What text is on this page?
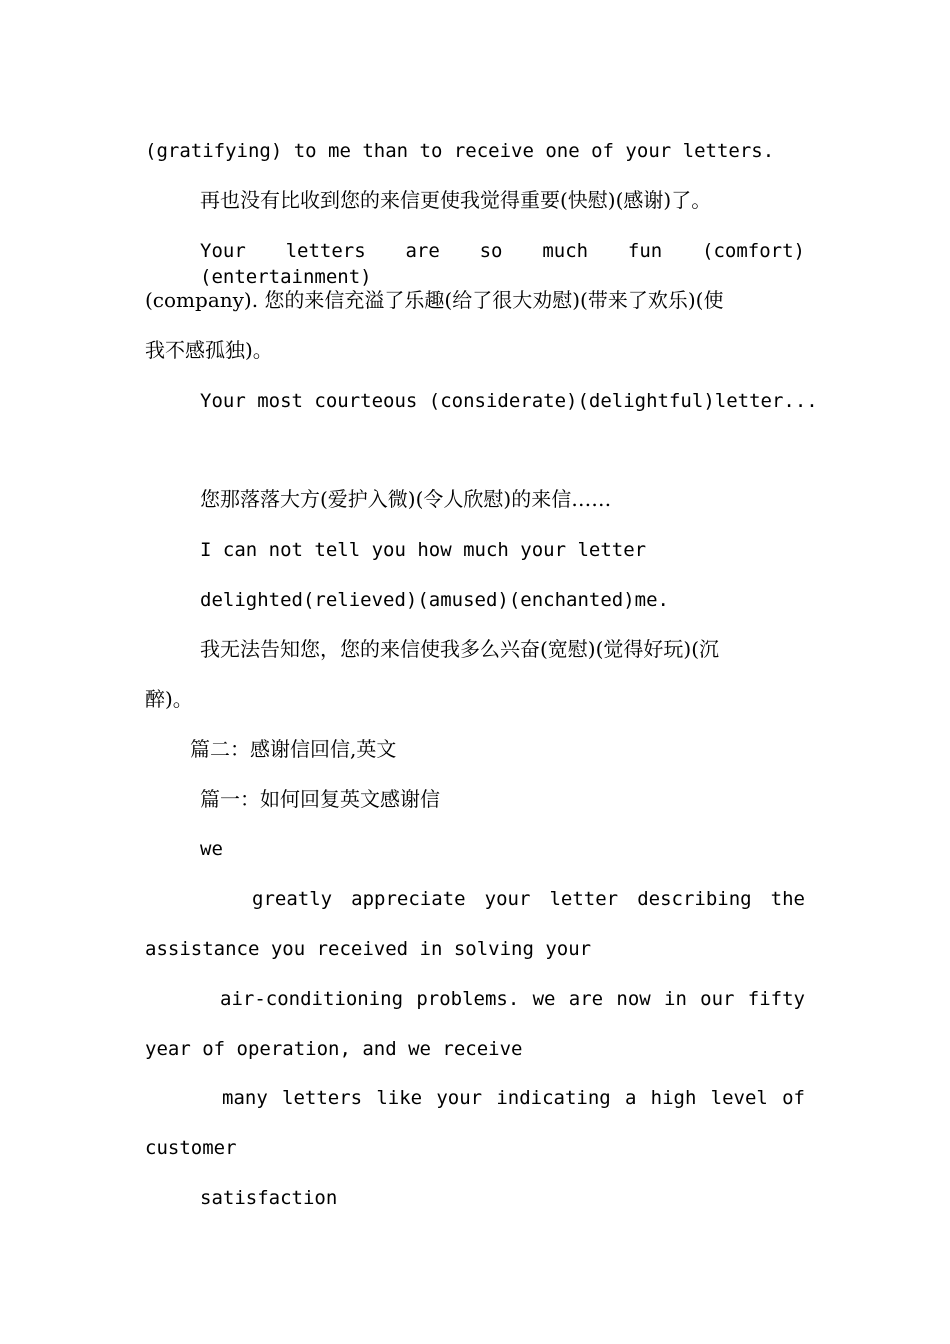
(gratifying) to me than to receive one of your letters.
再也没有比收到您的来信更使我觉得重要(快慰)(感谢)了。
Your letters are so much fun (comfort) (entertainment)
(company). 您的来信充溢了乐趣(给了很大劝慰)(带来了欢乐)(使
我不感孤独)。
Your most courteous (considerate)(delightful)letter...
您那落落大方(爱护入微)(令人欣慰)的来信……
I can not tell you how much your letter
delighted(relieved)(amused)(enchanted)me.
我无法告知您，您的来信使我多么兴奋(宽慰)(觉得好玩)(沉
醉)。
篇二：感谢信回信,英文
篇一：如何回复英文感谢信
we
greatly appreciate your letter describing the
assistance you received in solving your
air-conditioning problems. we are now in our fifty
year of operation, and we receive
many letters like your indicating a high level of
customer
satisfaction
